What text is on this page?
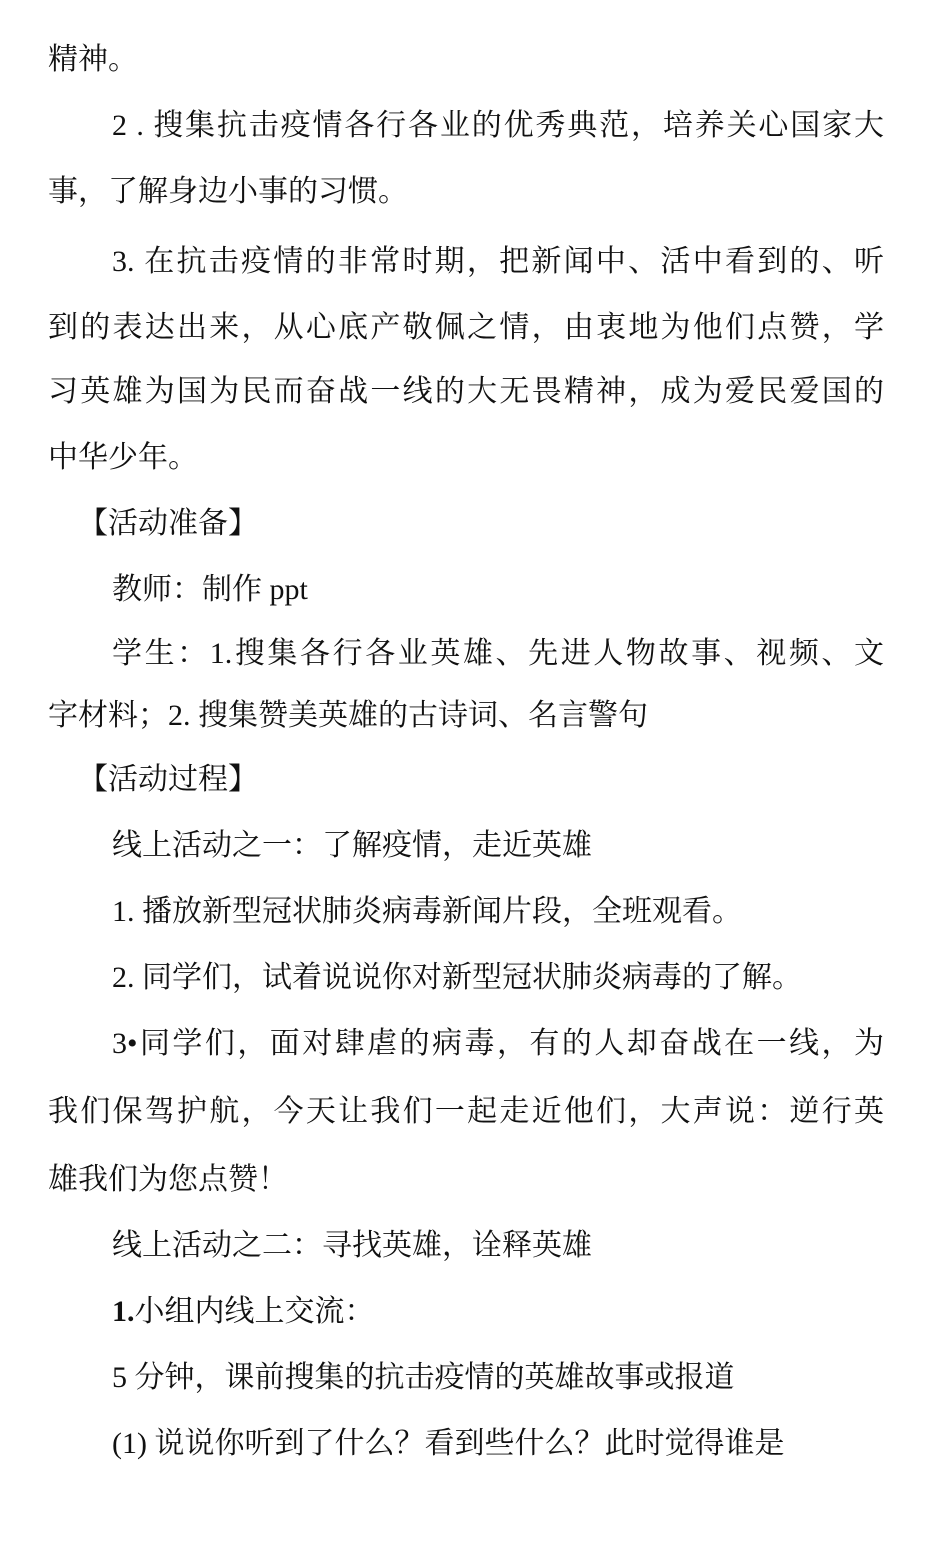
精神。
2 . 搜集抗击疫情各行各业的优秀典范，培养关心国家大
事，了解身边小事的习惯。
3. 在抗击疫情的非常时期，把新闻中、活中看到的、听
到的表达出来，从心底产敬佩之情，由衷地为他们点赞，学
习英雄为国为民而奋战一线的大无畏精神，成为爱民爱国的
中华少年。
【活动准备】
教师：制作 ppt
学生：1.搜集各行各业英雄、先进人物故事、视频、文
字材料；2. 搜集赞美英雄的古诗词、名言警句
【活动过程】
线上活动之一：了解疫情，走近英雄
1. 播放新型冠状肺炎病毒新闻片段，全班观看。
2. 同学们，试着说说你对新型冠状肺炎病毒的了解。
3•同学们，面对肆虐的病毒，有的人却奋战在一线，为
我们保驾护航，今天让我们一起走近他们，大声说：逆行英
雄我们为您点赞！
线上活动之二：寻找英雄，诠释英雄
1.小组内线上交流：
5 分钟，课前搜集的抗击疫情的英雄故事或报道
(1) 说说你听到了什么？看到些什么？此时觉得谁是
